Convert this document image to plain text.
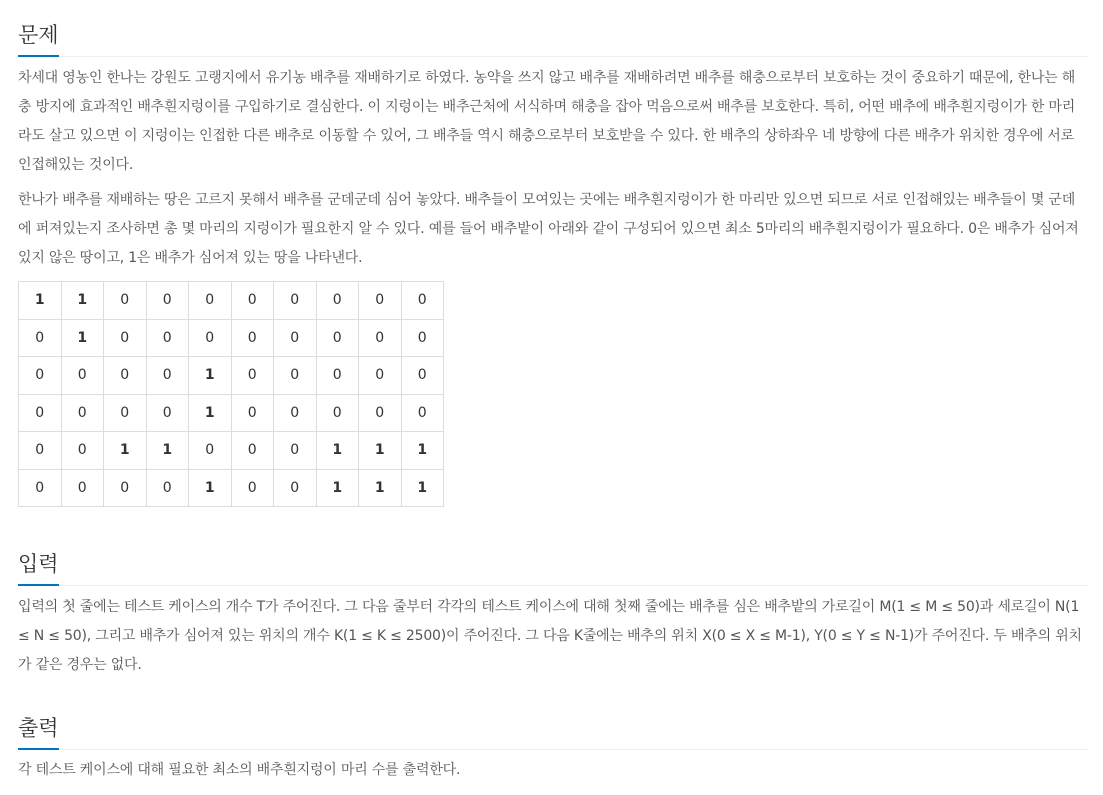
문제

차세대 영농인 한나는 강원도 고랭지에서 유기농 배추를 재배하기로 하였다. 농약을 쓰지 않고 배추를 재배하려면 배추를 해충으로부터 보호하는 것이 중요하기 때문에, 한나는 해충 방지에 효과적인 배추흰지렁이를 구입하기로 결심한다. 이 지렁이는 배추근처에 서식하며 해충을 잡아 먹음으로써 배추를 보호한다. 특히, 어떤 배추에 배추흰지렁이가 한 마리라도 살고 있으면 이 지렁이는 인접한 다른 배추로 이동할 수 있어, 그 배추들 역시 해충으로부터 보호받을 수 있다. 한 배추의 상하좌우 네 방향에 다른 배추가 위치한 경우에 서로 인접해있는 것이다.

한나가 배추를 재배하는 땅은 고르지 못해서 배추를 군데군데 심어 놓았다. 배추들이 모여있는 곳에는 배추흰지렁이가 한 마리만 있으면 되므로 서로 인접해있는 배추들이 몇 군데에 퍼져있는지 조사하면 총 몇 마리의 지렁이가 필요한지 알 수 있다. 예를 들어 배추밭이 아래와 같이 구성되어 있으면 최소 5마리의 배추흰지렁이가 필요하다. 0은 배추가 심어져 있지 않은 땅이고, 1은 배추가 심어져 있는 땅을 나타낸다.

1	1	0	0	0	0	0	0	0	0
0	1	0	0	0	0	0	0	0	0
0	0	0	0	1	0	0	0	0	0
0	0	0	0	1	0	0	0	0	0
0	0	1	1	0	0	0	1	1	1
0	0	0	0	1	0	0	1	1	1
입력

입력의 첫 줄에는 테스트 케이스의 개수 T가 주어진다. 그 다음 줄부터 각각의 테스트 케이스에 대해 첫째 줄에는 배추를 심은 배추밭의 가로길이 M(1 ≤ M ≤ 50)과 세로길이 N(1 ≤ N ≤ 50), 그리고 배추가 심어져 있는 위치의 개수 K(1 ≤ K ≤ 2500)이 주어진다. 그 다음 K줄에는 배추의 위치 X(0 ≤ X ≤ M-1), Y(0 ≤ Y ≤ N-1)가 주어진다. 두 배추의 위치가 같은 경우는 없다.

출력

각 테스트 케이스에 대해 필요한 최소의 배추흰지렁이 마리 수를 출력한다.
